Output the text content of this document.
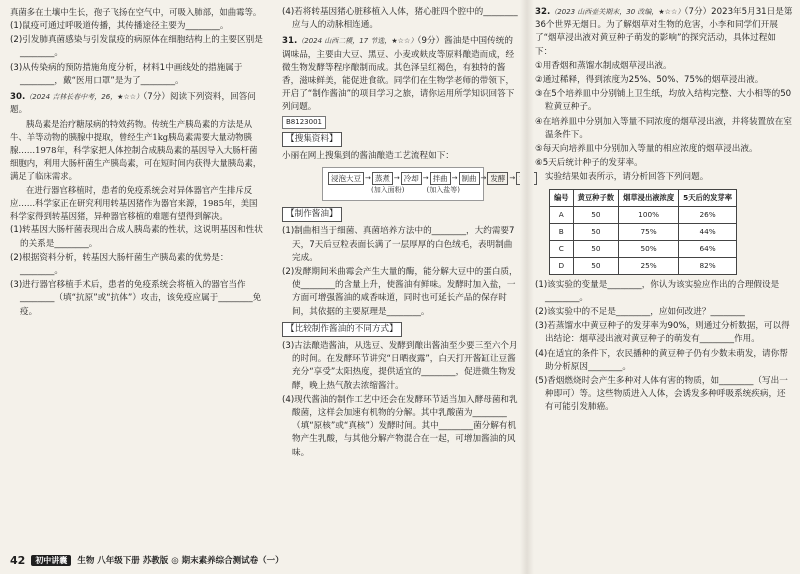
真菌多在土壤中生长，孢子飞扬在空气中，可吸入肺部，如曲霉等。

(1)鼠疫可通过呼吸道传播，其传播途径主要为________。

(2)引发肺真菌感染与引发鼠疫的病原体在细胞结构上的主要区别是________。

(3)从传染病的预防措施角度分析，材料1中画线处的措施属于________，戴“医用口罩”是为了________。

30.（2024 吉林长春中考，26，★☆☆）（7分）阅读下列资料，回答问题。

胰岛素是治疗糖尿病的特效药物。传统生产胰岛素的方法是从牛、羊等动物的胰腺中提取，曾经生产1kg胰岛素需要大量动物胰腺……1978年，科学家把人体控制合成胰岛素的基因导入大肠杆菌细胞内，利用大肠杆菌生产胰岛素，可在短时间内获得大量胰岛素，满足了临床需求。

在进行器官移植时，患者的免疫系统会对异体器官产生排斥反应……科学家正在研究利用转基因猪作为器官来源，1985年，美国科学家得到转基因猪，异种器官移植的难题有望得到解决。

(1)转基因大肠杆菌表现出合成人胰岛素的性状，这说明基因和性状的关系是________。

(2)根据资料分析，转基因大肠杆菌生产胰岛素的优势是：________。

(3)进行器官移植手术后，患者的免疫系统会将植入的器官当作________（填“抗原”或“抗体”）攻击，该免疫应属于________免疫。

(4)若将转基因猪心脏移植入人体，猪心脏四个腔中的________应与人的动脉相连通。

31.（2024 山西二模，17 节选，★☆☆）（9分）酱油是中国传统的调味品，主要由大豆、黑豆、小麦或麸皮等原料酿造而成，经微生物发酵等程序酿制而成。其色泽呈红褐色，有独特的酱香，滋味鲜美，能促进食欲。同学们在生物学老师的带领下，开启了“制作酱油”的项目学习之旅，请你运用所学知识回答下列问题。

B8123001

【搜集资料】

小丽在网上搜集到的酱油酿造工艺流程如下：

浸泡大豆 → 蒸煮 → 冷却 → 拌曲 → 制曲 → 发酵 →
(加入面粉)	(加入盐等)

【制作酱油】

(1)制曲相当于细菌、真菌培养方法中的________，大约需要7天，7天后豆粒表面长满了一层厚厚的白色绒毛，表明制曲完成。

(2)发酵期间米曲霉会产生大量的酶，能分解大豆中的蛋白质，使________的含量上升，使酱油有鲜味。发酵时加入盐，一方面可增强酱油的咸香味道，同时也可延长产品的保存时间，其依据的主要原理是________。

【比较制作酱油的不同方式】

(3)古法酿造酱油，从选豆、发酵到酿出酱油至少要三至六个月的时间。在发酵环节讲究“日晒夜露”，白天打开酱缸让豆酱充分“享受”太阳热度，提供适宜的________，促进微生物发酵，晚上热气散去浓缩酱汁。

(4)现代酱油的制作工艺中还会在发酵环节适当加入酵母菌和乳酸菌，这样会加速有机物的分解。其中乳酸菌为________（填“原核”或“真核”）发酵时间。其中________菌分解有机物产生乳酸，与其他分解产物混合在一起，可增加酱油的风味。

32.（2023 山西壶关期末，30 改编，★☆☆）（7分）2023年5月31日是第36个世界无烟日。为了解烟草对生物的危害，小李和同学们开展了“烟草浸出液对黄豆种子萌发的影响”的探究活动，具体过程如下：

①用香烟和蒸馏水制成烟草浸出液。

②通过稀释，得到浓度为25%、50%、75%的烟草浸出液。

③在5个培养皿中分别铺上卫生纸，均放入结构完整、大小相等的50粒黄豆种子。

④在培养皿中分别加入等量不同浓度的烟草浸出液，并将装置放在室温条件下。

⑤每天向培养皿中分别加入等量的相应浓度的烟草浸出液。

⑥5天后统计种子的发芽率。

实验结果如表所示，请分析回答下列问题。

编号	黄豆种子数	烟草浸出液浓度	5天后的发芽率
A	50	100%	26%
B	50	75%	44%
C	50	50%	64%
D	50	25%	82%

(1)该实验的变量是________，你认为该实验应作出的合理假设是________。

(2)该实验中的不足是________，应如何改进？________

(3)若蒸馏水中黄豆种子的发芽率为90%，则通过分析数据，可以得出结论：烟草浸出液对黄豆种子的萌发有________作用。

(4)在适宜的条件下，农民播种的黄豆种子仍有少数未萌发，请你帮助分析原因________。

(5)香烟燃烧时会产生多种对人体有害的物质，如________（写出一种即可）等。这些物质进入人体，会诱发多种呼吸系统疾病，还有可能引发肺癌。

42	初中讲囊	生物 八年级下册 苏教版 ◎ 期末素养综合测试卷（一）
